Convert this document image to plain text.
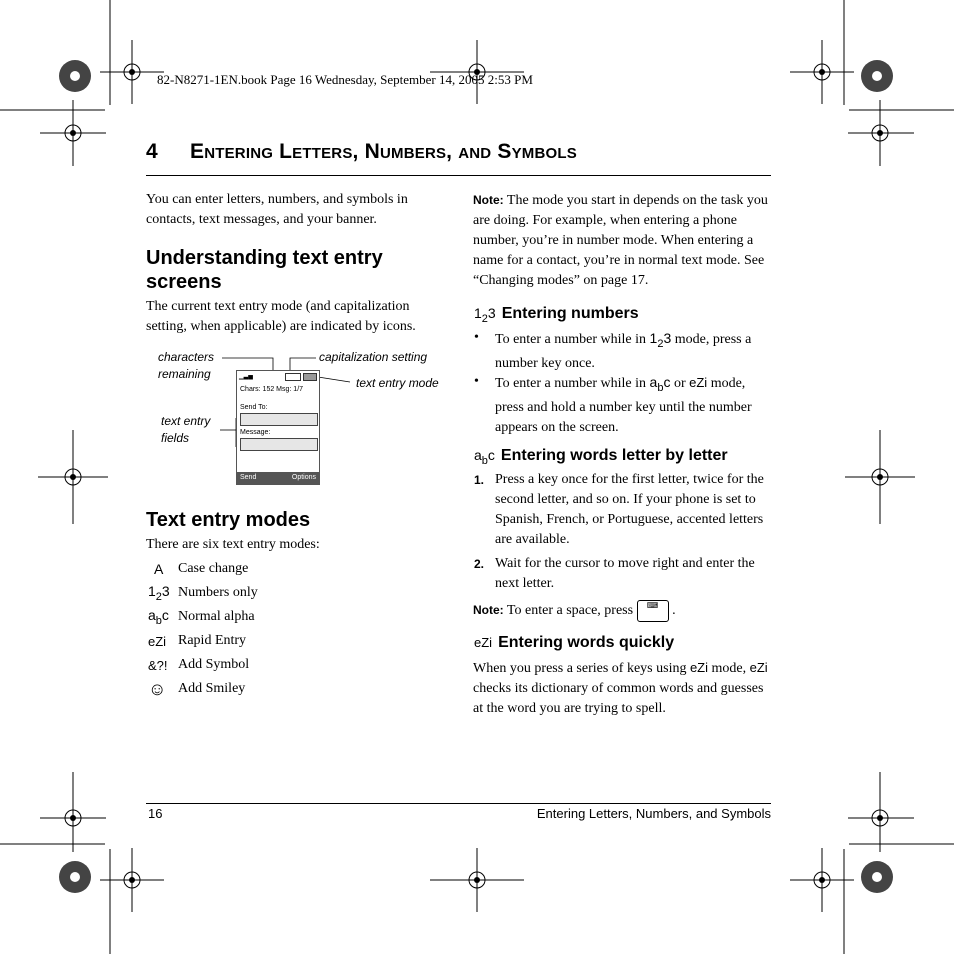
82-N8271-1EN.book Page 16 Wednesday, September 14, 2005 2:53 PM
4 Entering Letters, Numbers, and Symbols
You can enter letters, numbers, and symbols in contacts, text messages, and your banner.
Understanding text entry screens
The current text entry mode (and capitalization setting, when applicable) are indicated by icons.
characters remaining
capitalization setting
text entry mode
text entry fields
▁▃▅
Chars: 152 Msg: 1/7
Send To:
Message:
Send	Options
Text entry modes
There are six text entry modes:
A	Case change
$1_23$ Numbers only
$a_bc$ Normal alpha
eZi Rapid Entry
&?! Add Symbol
☺ Add Smiley
Note: The mode you start in depends on the task you are doing. For example, when entering a phone number, you’re in number mode. When entering a name for a contact, you’re in normal text mode. See “Changing modes” on page 17.
$1_23$ Entering numbers
•	To enter a number while in $1_23$ mode, press a number key once.
•	To enter a number while in $a_bc$ or eZi mode, press and hold a number key until the number appears on the screen.
$a_bc$ Entering words letter by letter
1. Press a key once for the first letter, twice for the second letter, and so on. If your phone is set to Spanish, French, or Portuguese, accented letters are available.
2. Wait for the cursor to move right and enter the next letter.
Note: To enter a space, press ⌨ .
eZi Entering words quickly
When you press a series of keys using eZi mode, eZi checks its dictionary of common words and guesses at the word you are trying to spell.
16	Entering Letters, Numbers, and Symbols
